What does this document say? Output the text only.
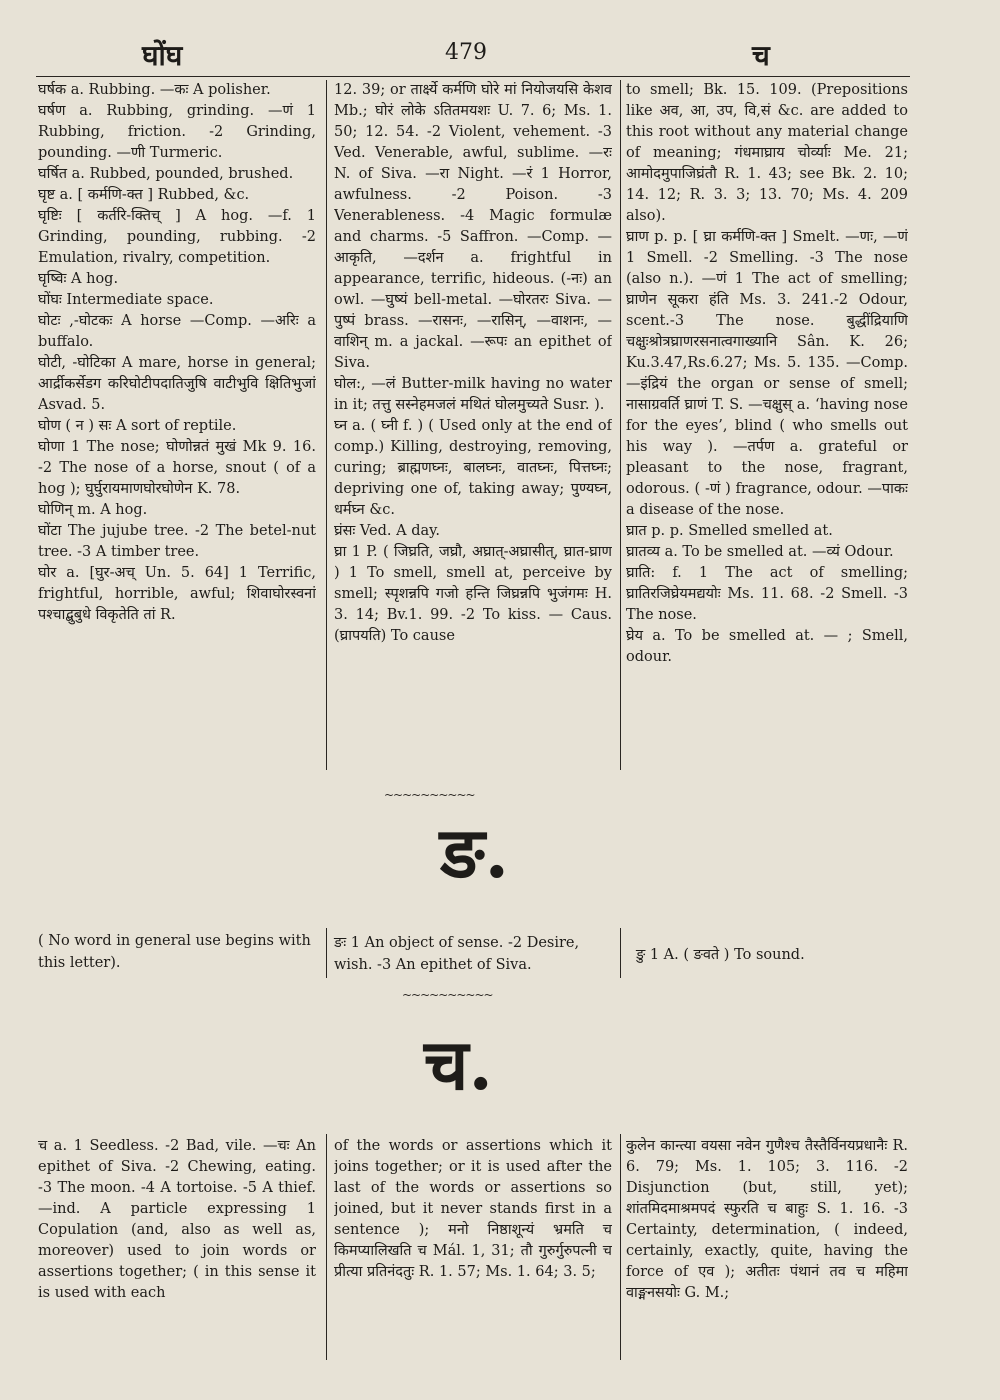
घोंघ	479	च

घर्षक a. Rubbing. —कः A polisher.

घर्षण a. Rubbing, grinding. —णं 1 Rubbing, friction. -2 Grinding, pounding. —णी Turmeric.

घर्षित a. Rubbed, pounded, brushed.

घृष्ट a. [ कर्मणि-क्त ] Rubbed, &c.

घृष्टिः [ कर्तरि-क्तिच् ] A hog. —f. 1 Grinding, pounding, rubbing. -2 Emulation, rivalry, competition.

घृष्विः A hog.

घोंघः Intermediate space.

घोटः ,-घोटकः A horse —Comp. —अरिः a buffalo.

घोटी, -घोटिका A mare, horse in general; आर्द्रीकर्सेडग करिघोटीपदातिजुषि वाटीभुवि क्षितिभुजां Asvad. 5.

घोण ( न ) सः A sort of reptile.

घोणा 1 The nose; घोणोन्नतं मुखं Mk 9. 16. -2 The nose of a horse, snout ( of a hog ); घुर्घुरायमाणघोरघोणेन K. 78.

घोणिन् m. A hog.

घोंटा The jujube tree. -2 The betel-nut tree. -3 A timber tree.

घोर a. [घुर-अच् Un. 5. 64] 1 Terrific, frightful, horrible, awful; शिवाघोरस्वनां पश्चाद्बुबुधे विकृतेति तां R.

12. 39; or तार्क्ष्ये कर्मणि घोरे मां नियोजयसि केशव Mb.; घोरं लोके ऽतितमयशः U. 7. 6; Ms. 1. 50; 12. 54. -2 Violent, vehement. -3 Ved. Venerable, awful, sublime. —रः N. of Siva. —रा Night. —रं 1 Horror, awfulness. -2 Poison. -3 Venerableness. -4 Magic formulæ and charms. -5 Saffron. —Comp. —आकृति, —दर्शन a. frightful in appearance, terrific, hideous. (-नः) an owl. —घुष्यं bell-metal. —घोरतरः Siva. —पुष्पं brass. —रासनः, —रासिन्, —वाशनः, —वाशिन् m. a jackal. —रूपः an epithet of Siva.

घोल:, —लं Butter-milk having no water in it; तत्तु सस्नेहमजलं मथितं घोलमुच्यते Susr. ).

घ्न a. ( घ्नी f. ) ( Used only at the end of comp.) Killing, destroying, removing, curing; ब्राह्मणघ्नः, बालघ्नः, वातघ्नः, पित्तघ्नः; depriving one of, taking away; पुण्यघ्न, धर्मघ्न &c.

घ्रंसः Ved. A day.

घ्रा 1 P. ( जिघ्रति, जघ्रौ, अघ्रात्-अघ्रासीत्, घ्रात-घ्राण ) 1 To smell, smell at, perceive by smell; स्पृशन्नपि गजो हन्ति जिघ्रन्नपि भुजंगमः H. 3. 14; Bv.1. 99. -2 To kiss. — Caus. (घ्रापयति) To cause

to smell; Bk. 15. 109. (Prepositions like अव, आ, उप, वि,सं &c. are added to this root without any material change of meaning; गंधमाघ्राय चोर्व्याः Me. 21; आमोदमुपाजिघ्रंतौ R. 1. 43; see Bk. 2. 10; 14. 12; R. 3. 3; 13. 70; Ms. 4. 209 also).

घ्राण p. p. [ घ्रा कर्मणि-क्त ] Smelt. —णः, —णं 1 Smell. -2 Smelling. -3 The nose (also n.). —णं 1 The act of smelling; घ्राणेन सूकरा हंति Ms. 3. 241.-2 Odour, scent.-3 The nose. बुद्धींद्रियाणि चक्षुःश्रोत्रघ्राणरसनात्वगाख्यानि Sân. K. 26; Ku.3.47,Rs.6.27; Ms. 5. 135. —Comp. —इंद्रियं the organ or sense of smell; नासाग्रवर्ति घ्राणं T. S. —चक्षुस् a. ‘having nose for the eyes’, blind ( who smells out his way ). —तर्पण a. grateful or pleasant to the nose, fragrant, odorous. ( -णं ) fragrance, odour. —पाकः a disease of the nose.

घ्रात p. p. Smelled smelled at.

घ्रातव्य a. To be smelled at. —व्यं Odour.

घ्राति: f. 1 The act of smelling; घ्रातिरजिघ्रेयमद्ययोः Ms. 11. 68. -2 Smell. -3 The nose.

घ्रेय a. To be smelled at. — ; Smell, odour.

~~~~~~~~~~
ङ.
( No word in general use begins with this letter).
ङः 1 An object of sense. -2 Desire, wish. -3 An epithet of Siva.
ङु 1 A. ( ङवते ) To sound.
~~~~~~~~~~
च.

च a. 1 Seedless. -2 Bad, vile. —चः An epithet of Siva. -2 Chewing, eating. -3 The moon. -4 A tortoise. -5 A thief. —ind. A particle expressing 1 Copulation (and, also as well as, moreover) used to join words or assertions together; ( in this sense it is used with each

of the words or assertions which it joins together; or it is used after the last of the words or assertions so joined, but it never stands first in a sentence ); मनो निष्ठाशून्यं भ्रमति च किमप्यालिखति च Mál. 1, 31; तौ गुरुर्गुरुपत्नी च प्रीत्या प्रतिनंदतुः R. 1. 57; Ms. 1. 64; 3. 5;

कुलेन कान्त्या वयसा नवेन गुणैश्च तैस्तैर्विनयप्रधानैः R. 6. 79; Ms. 1. 105; 3. 116. -2 Disjunction (but, still, yet); शांतमिदमाश्रमपदं स्फुरति च बाहुः S. 1. 16. -3 Certainty, determination, ( indeed, certainly, exactly, quite, having the force of एव ); अतीतः पंथानं तव च महिमा वाङ्मनसयोः G. M.;
